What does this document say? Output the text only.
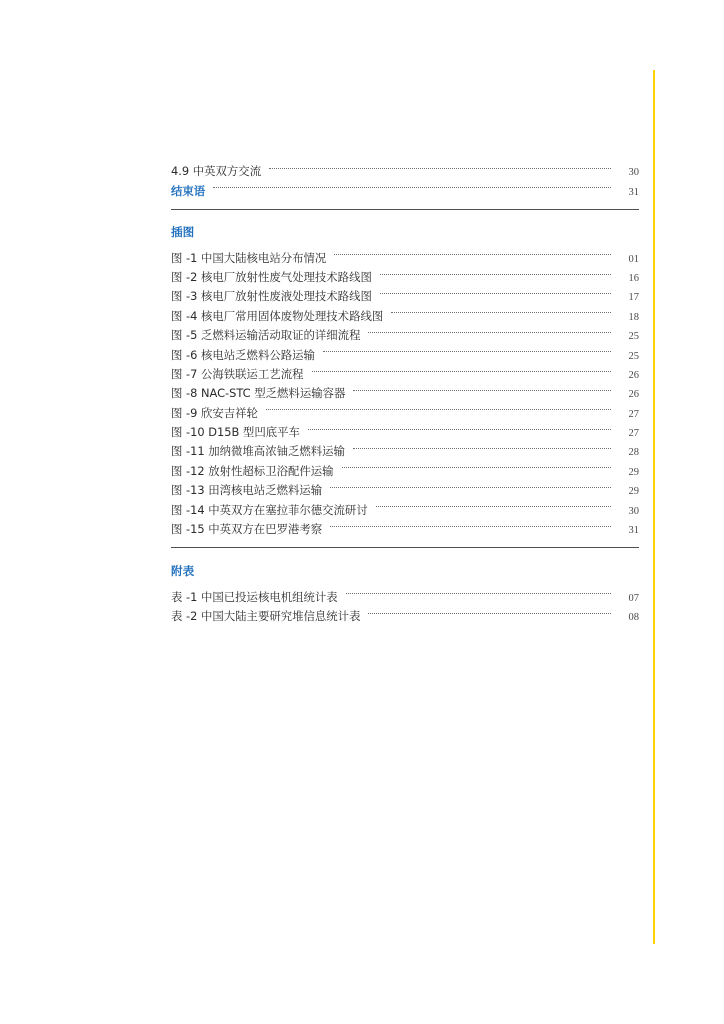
4.9 中英双方交流	30
结束语	31
插图
图 -1 中国大陆核电站分布情况	01
图 -2 核电厂放射性废气处理技术路线图	16
图 -3 核电厂放射性废液处理技术路线图	17
图 -4 核电厂常用固体废物处理技术路线图	18
图 -5 乏燃料运输活动取证的详细流程	25
图 -6 核电站乏燃料公路运输	25
图 -7 公海铁联运工艺流程	26
图 -8 NAC-STC 型乏燃料运输容器	26
图 -9 欣安吉祥轮	27
图 -10 D15B 型凹底平车	27
图 -11 加纳微堆高浓铀乏燃料运输	28
图 -12 放射性超标卫浴配件运输	29
图 -13 田湾核电站乏燃料运输	29
图 -14 中英双方在塞拉菲尔德交流研讨	30
图 -15 中英双方在巴罗港考察	31
附表
表 -1 中国已投运核电机组统计表	07
表 -2 中国大陆主要研究堆信息统计表	08
